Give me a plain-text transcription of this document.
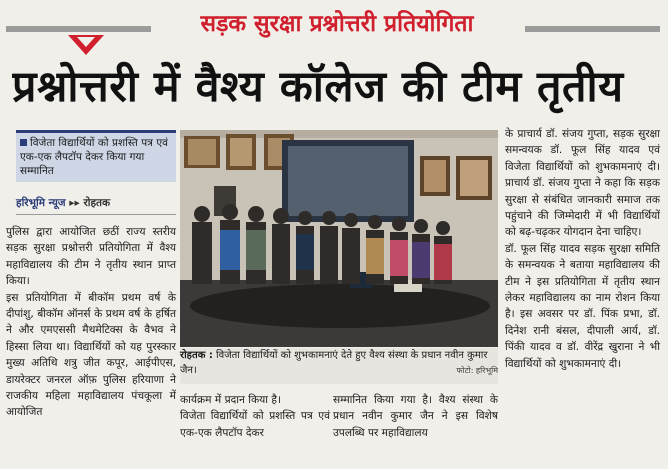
सड़क सुरक्षा प्रश्नोत्तरी प्रतियोगिता
प्रश्नोत्तरी में वैश्य कॉलेज की टीम तृतीय
विजेता विद्यार्थियों को प्रशस्ति पत्र एवं एक-एक लैपटॉप देकर किया गया सम्मानित
हरिभूमि न्यूज ▸▸ रोहतक

पुलिस द्वारा आयोजित छठीं राज्य स्तरीय सड़क सुरक्षा प्रश्नोत्तरी प्रतियोगिता में वैश्य महाविद्यालय की टीम ने तृतीय स्थान प्राप्त किया।

इस प्रतियोगिता में बीकॉम प्रथम वर्ष के दीपांशु, बीकॉम ऑनर्स के प्रथम वर्ष के हर्षित ने और एमएससी मैथमेटिक्स के वैभव ने हिस्सा लिया था। विद्यार्थियों को यह पुरस्कार मुख्य अतिथि शत्रु जीत कपूर, आईपीएस, डायरेक्टर जनरल ऑफ़ पुलिस हरियाणा ने राजकीय महिला महाविद्यालय पंचकूला में आयोजित

रोहतक : विजेता विद्यार्थियों को शुभकामनाएं देते हुए वैश्य संस्था के प्रधान नवीन कुमार जैन।	फोटो: हरिभूमि

कार्यक्रम में प्रदान किया है।

विजेता विद्यार्थियों को प्रशस्ति पत्र एवं एक-एक लैपटॉप देकर

सम्मानित किया गया है। वैश्य संस्था के प्रधान नवीन कुमार जैन ने इस विशेष उपलब्धि पर महाविद्यालय

के प्राचार्य डॉ. संजय गुप्ता, सड़क सुरक्षा समन्वयक डॉ. फूल सिंह यादव एवं विजेता विद्यार्थियों को शुभकामनाएं दी। प्राचार्य डॉ. संजय गुप्ता ने कहा कि सड़क सुरक्षा से संबंधित जानकारी समाज तक पहुंचाने की जिम्मेदारी में भी विद्यार्थियों को बढ़-चढ़कर योगदान देना चाहिए।

डॉ. फूल सिंह यादव सड़क सुरक्षा समिति के समन्वयक ने बताया महाविद्यालय की टीम ने इस प्रतियोगिता में तृतीय स्थान लेकर महाविद्यालय का नाम रोशन किया है। इस अवसर पर डॉ. पिंक प्रभा, डॉ. दिनेश रानी बंसल, दीपाली आर्य, डॉ. पिंकी यादव व डॉ. वीरेंद्र खुराना ने भी विद्यार्थियों को शुभकामनाएं दी।
